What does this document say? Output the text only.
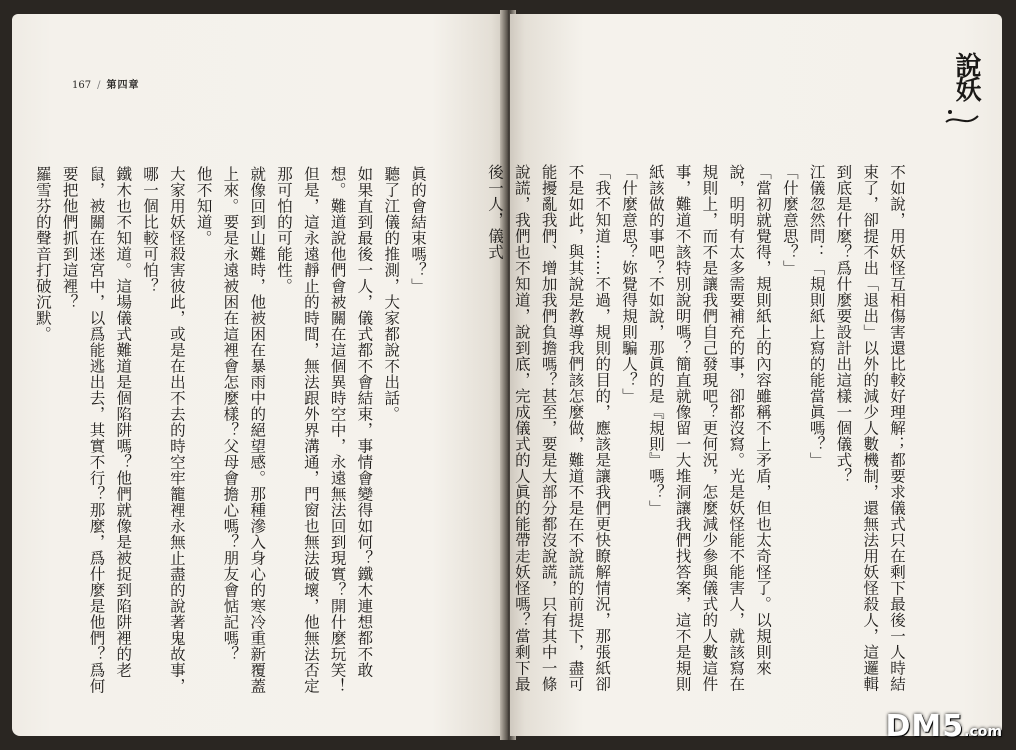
167 / 第四章

眞的會結束嗎？」

聽了江儀的推測，大家都說不出話。

如果直到最後一人，儀式都不會結束，事情會變得如何？鐵木連想都不敢想。難道說他們會被關在這個異時空中，永遠無法回到現實？開什麼玩笑！但是，這永遠靜止的時間，無法跟外界溝通，門窗也無法破壞，他無法否定那可怕的可能性。

就像回到山難時，他被困在暴雨中的絕望感。那種滲入身心的寒冷重新覆蓋上來。要是永遠被困在這裡會怎麼樣？父母會擔心嗎？朋友會惦記嗎？

他不知道。

大家用妖怪殺害彼此，或是在出不去的時空牢籠裡永無止盡的說著鬼故事，哪一個比較可怕？

鐵木也不知道。這場儀式難道是個陷阱嗎？他們就像是被捉到陷阱裡的老鼠，被關在迷宮中，以爲能逃出去，其實不行？那麼，爲什麼是他們？爲何要把他們抓到這裡？

羅雪芬的聲音打破沉默。

說妖

不如說，用妖怪互相傷害還比較好理解；都要求儀式只在剩下最後一人時結束了，卻提不出「退出」以外的減少人數機制，還無法用妖怪殺人，這邏輯到底是什麼？爲什麼要設計出這樣一個儀式？

江儀忽然問：「規則紙上寫的能當眞嗎？」

「什麼意思？」

「當初就覺得，規則紙上的內容雖稱不上矛盾，但也太奇怪了。以規則來說，明明有太多需要補充的事，卻都沒寫。光是妖怪能不能害人，就該寫在規則上，而不是讓我們自己發現吧？更何況，怎麼減少參與儀式的人數這件事，難道不該特別說明嗎？簡直就像留一大堆洞讓我們找答案，這不是規則紙該做的事吧？不如說，那眞的是『規則』嗎？」

「什麼意思？妳覺得規則騙人？」

「我不知道……不過，規則的目的，應該是讓我們更快瞭解情況，那張紙卻不是如此，與其說是教導我們該怎麼做，難道不是在不說謊的前提下，盡可能擾亂我們、增加我們負擔嗎？甚至，要是大部分都沒說謊，只有其中一條說謊，我們也不知道，說到底，完成儀式的人眞的能帶走妖怪嗎？當剩下最後一人，儀式

DM5 .com
